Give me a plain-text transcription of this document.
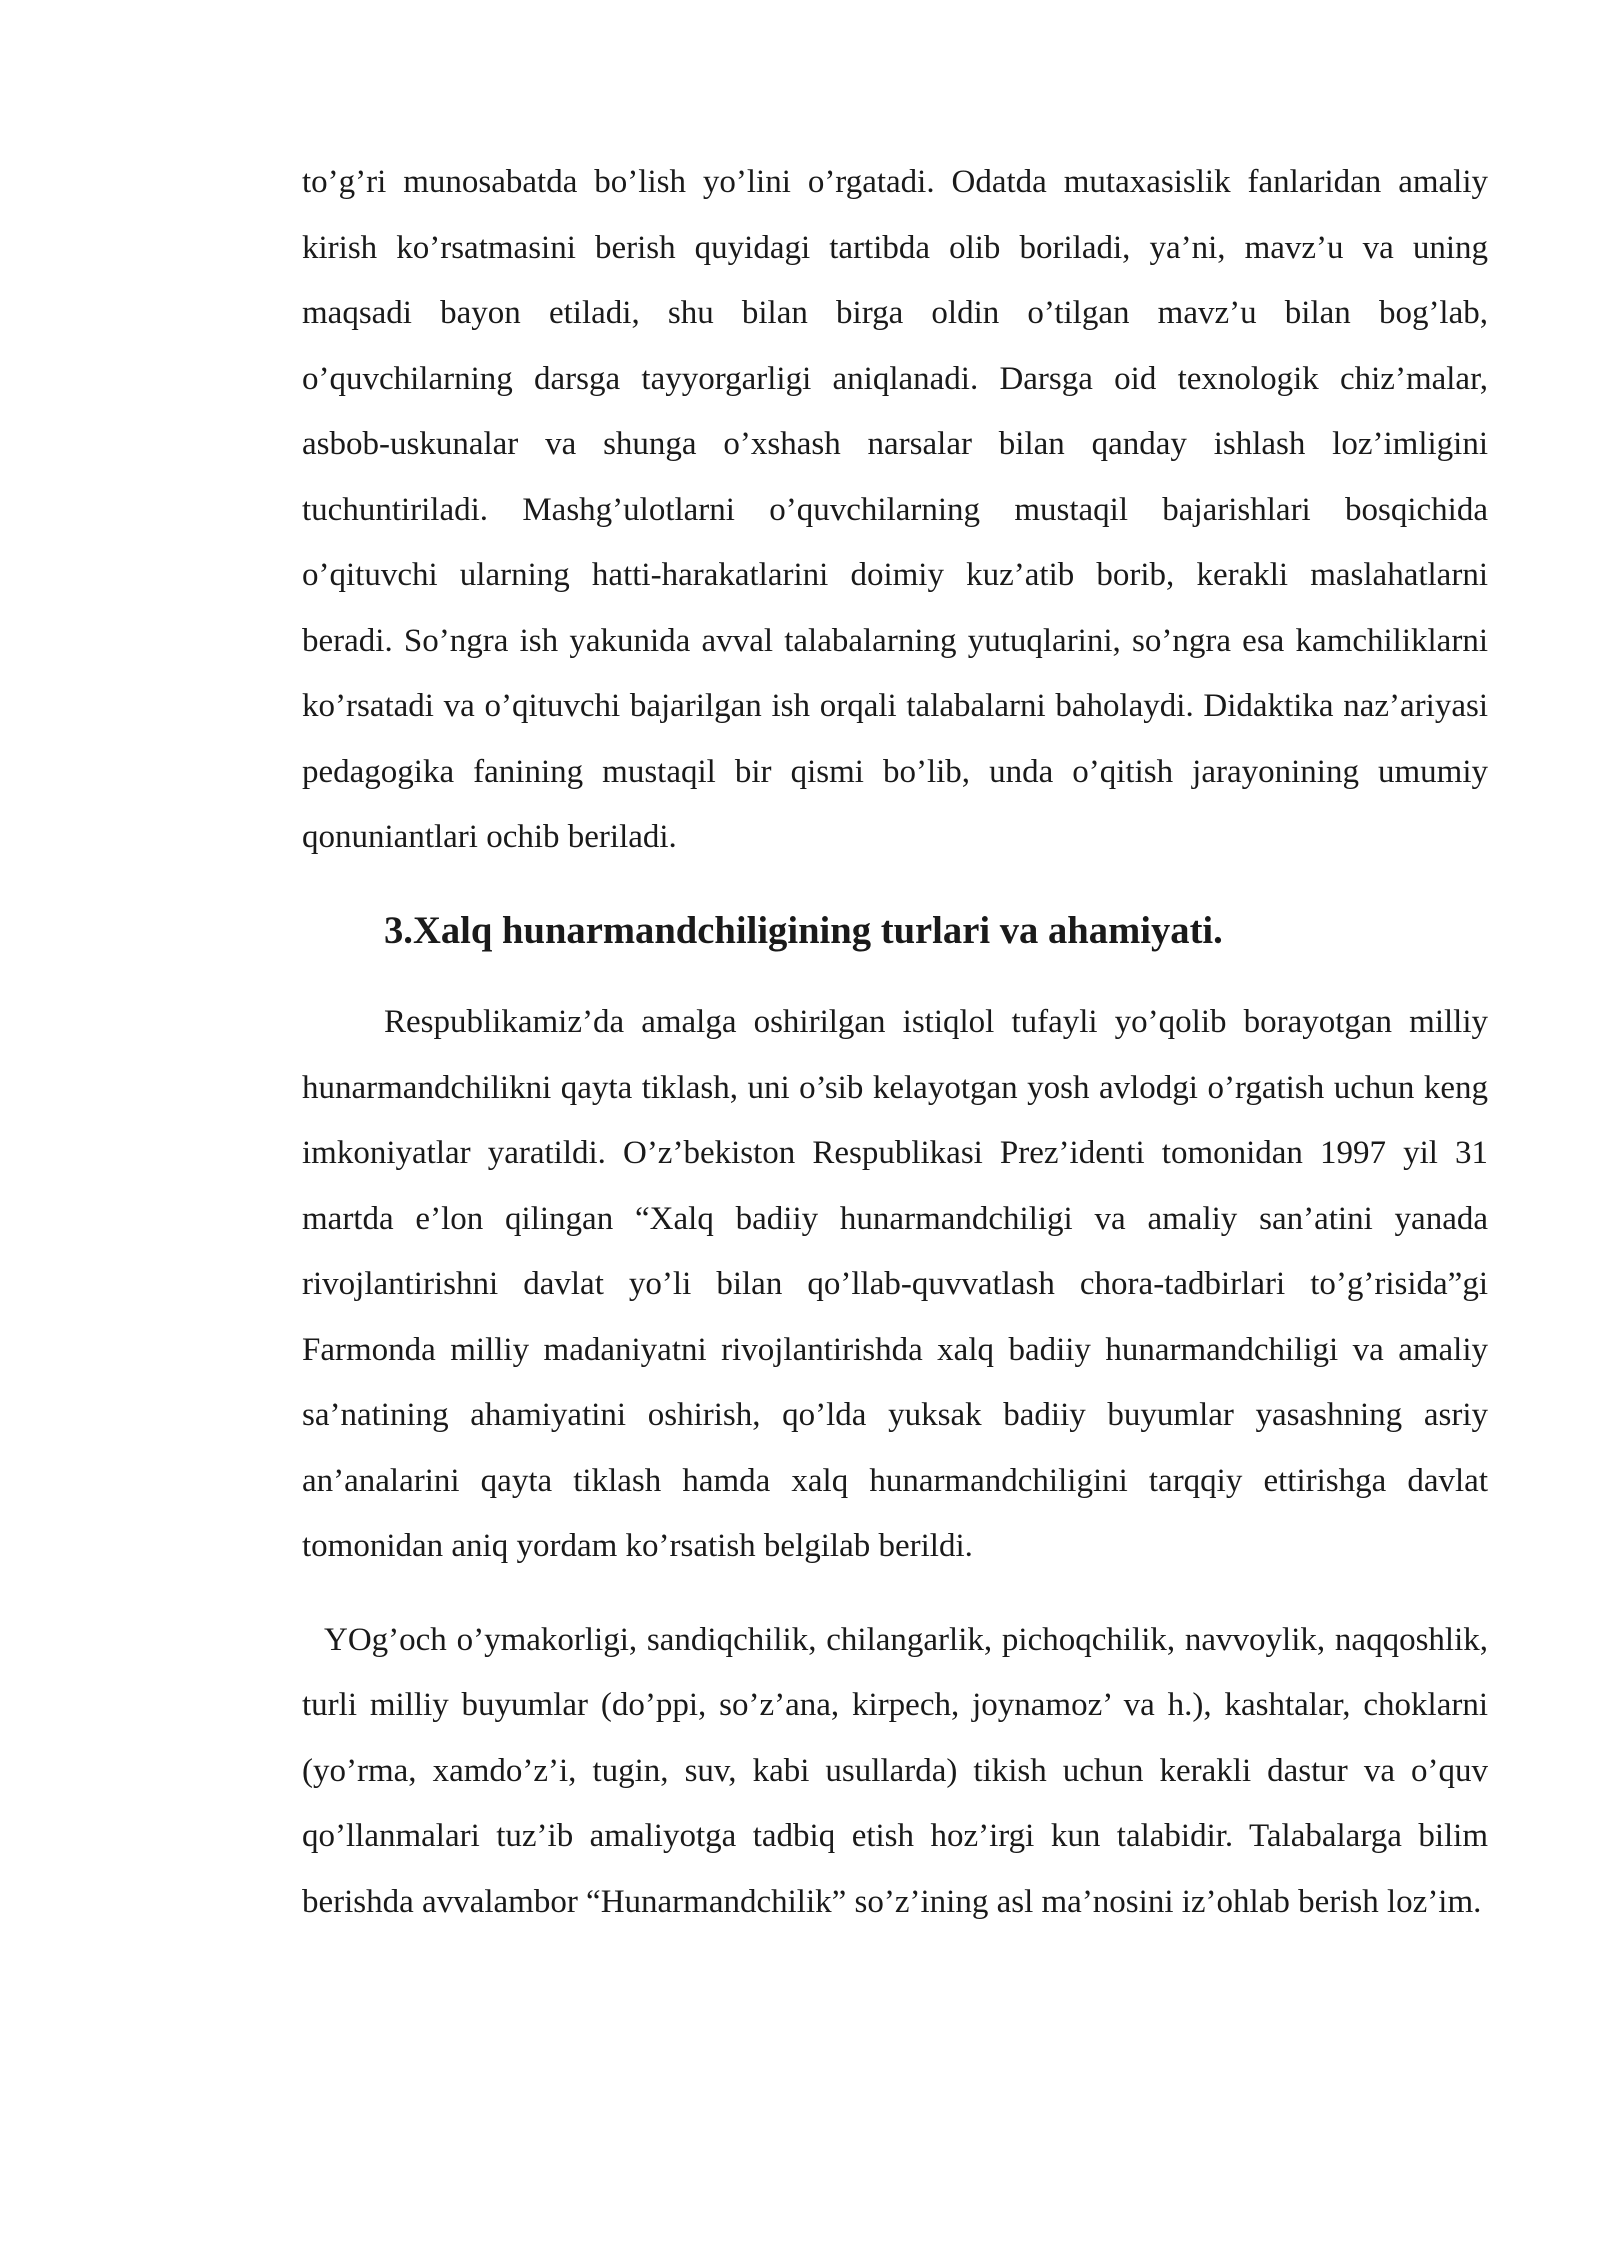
to’g’ri munosabatda bo’lish yo’lini o’rgatadi. Odatda mutaxasislik fanlaridan amaliy kirish ko’rsatmasini berish quyidagi tartibda olib boriladi, ya’ni, mavz’u va uning maqsadi bayon etiladi, shu bilan birga oldin o’tilgan mavz’u bilan bog’lab, o’quvchilarning darsga tayyorgarligi aniqlanadi. Darsga oid texnologik chiz’malar, asbob-uskunalar va shunga o’xshash narsalar bilan qanday ishlash loz’imligini tuchuntiriladi. Mashg’ulotlarni o’quvchilarning mustaqil bajarishlari bosqichida o’qituvchi ularning hatti-harakatlarini doimiy kuz’atib borib, kerakli maslahatlarni beradi. So’ngra ish yakunida avval talabalarning yutuqlarini, so’ngra esa kamchiliklarni ko’rsatadi va o’qituvchi bajarilgan ish orqali talabalarni baholaydi. Didaktika naz’ariyasi pedagogika fanining mustaqil bir qismi bo’lib, unda o’qitish jarayonining umumiy qonuniantlari ochib beriladi.

3.Xalq hunarmandchiligining turlari va ahamiyati.

Respublikamiz’da amalga oshirilgan istiqlol tufayli yo’qolib borayotgan milliy hunarmandchilikni qayta tiklash, uni o’sib kelayotgan yosh avlodgi o’rgatish uchun keng imkoniyatlar yaratildi. O’z’bekiston Respublikasi Prez’identi tomonidan 1997 yil 31 martda e’lon qilingan “Xalq badiiy hunarmandchiligi va amaliy san’atini yanada rivojlantirishni davlat yo’li bilan qo’llab-quvvatlash chora-tadbirlari to’g’risida”gi Farmonda milliy madaniyatni rivojlantirishda xalq badiiy hunarmandchiligi va amaliy sa’natining ahamiyatini oshirish, qo’lda yuksak badiiy buyumlar yasashning asriy an’analarini qayta tiklash hamda xalq hunarmandchiligini tarqqiy ettirishga davlat tomonidan aniq yordam ko’rsatish belgilab berildi.

YOg’och o’ymakorligi, sandiqchilik, chilangarlik, pichoqchilik, navvoylik, naqqoshlik, turli milliy buyumlar (do’ppi, so’z’ana, kirpech, joynamoz’ va h.), kashtalar, choklarni (yo’rma, xamdo’z’i, tugin, suv, kabi usullarda) tikish uchun kerakli dastur va o’quv qo’llanmalari tuz’ib amaliyotga tadbiq etish hoz’irgi kun talabidir. Talabalarga bilim berishda avvalambor “Hunarmandchilik” so’z’ining asl ma’nosini iz’ohlab berish loz’im.
